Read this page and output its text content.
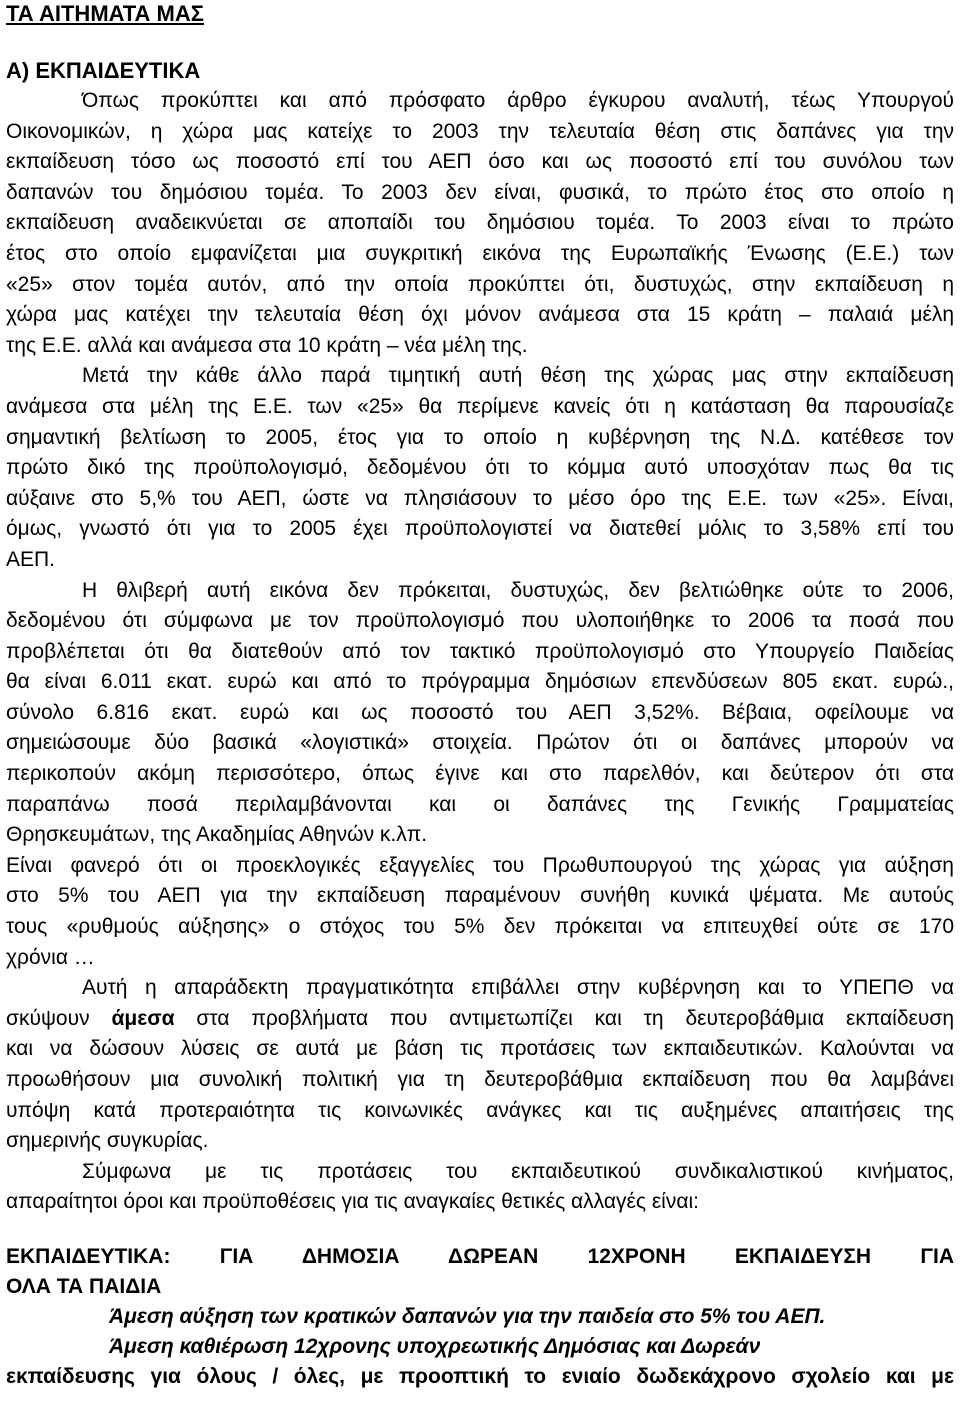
ΤΑ ΑΙΤΗΜΑΤΑ ΜΑΣ
Α) ΕΚΠΑΙΔΕΥΤΙΚΑ
Όπως προκύπτει και από πρόσφατο άρθρο έγκυρου αναλυτή, τέως Υπουργού
Οικονομικών, η χώρα μας κατείχε το 2003 την τελευταία θέση στις δαπάνες για την
εκπαίδευση τόσο ως ποσοστό επί του ΑΕΠ όσο και ως ποσοστό επί του συνόλου των
δαπανών του δημόσιου τομέα. Το 2003 δεν είναι, φυσικά, το πρώτο έτος στο οποίο η
εκπαίδευση αναδεικνύεται σε αποπαίδι του δημόσιου τομέα. Το 2003 είναι το πρώτο
έτος στο οποίο εμφανίζεται μια συγκριτική εικόνα της Ευρωπαϊκής Ένωσης (Ε.Ε.) των
«25» στον τομέα αυτόν, από την οποία προκύπτει ότι, δυστυχώς, στην εκπαίδευση η
χώρα μας κατέχει την τελευταία θέση όχι μόνον ανάμεσα στα 15 κράτη – παλαιά μέλη
της Ε.Ε. αλλά και ανάμεσα στα 10 κράτη – νέα μέλη της.
Μετά την κάθε άλλο παρά τιμητική αυτή θέση της χώρας μας στην εκπαίδευση
ανάμεσα στα μέλη της Ε.Ε. των «25» θα περίμενε κανείς ότι η κατάσταση θα παρουσίαζε
σημαντική βελτίωση το 2005, έτος για το οποίο η κυβέρνηση της Ν.Δ. κατέθεσε τον
πρώτο δικό της προϋπολογισμό, δεδομένου ότι το κόμμα αυτό υποσχόταν πως θα τις
αύξαινε στο 5,% του ΑΕΠ, ώστε να πλησιάσουν το μέσο όρο της Ε.Ε. των «25». Είναι,
όμως, γνωστό ότι για το 2005 έχει προϋπολογιστεί να διατεθεί μόλις το 3,58% επί του
ΑΕΠ.
Η θλιβερή αυτή εικόνα δεν πρόκειται, δυστυχώς, δεν βελτιώθηκε ούτε το 2006,
δεδομένου ότι σύμφωνα με τον προϋπολογισμό που υλοποιήθηκε το 2006 τα ποσά που
προβλέπεται ότι θα διατεθούν από τον τακτικό προϋπολογισμό στο Υπουργείο Παιδείας
θα είναι 6.011 εκατ. ευρώ και από το πρόγραμμα δημόσιων επενδύσεων 805 εκατ. ευρώ.,
σύνολο 6.816 εκατ. ευρώ και ως ποσοστό του ΑΕΠ 3,52%. Βέβαια, οφείλουμε να
σημειώσουμε δύο βασικά «λογιστικά» στοιχεία. Πρώτον ότι οι δαπάνες μπορούν να
περικοπούν ακόμη περισσότερο, όπως έγινε και στο παρελθόν, και δεύτερον ότι στα
παραπάνω ποσά περιλαμβάνονται και οι δαπάνες της Γενικής Γραμματείας
Θρησκευμάτων, της Ακαδημίας Αθηνών κ.λπ.
Είναι φανερό ότι οι προεκλογικές εξαγγελίες του Πρωθυπουργού της χώρας για αύξηση
στο 5% του ΑΕΠ για την εκπαίδευση παραμένουν συνήθη κυνικά ψέματα. Με αυτούς
τους «ρυθμούς αύξησης» ο στόχος του 5% δεν πρόκειται να επιτευχθεί ούτε σε 170
χρόνια …
Αυτή η απαράδεκτη πραγματικότητα επιβάλλει στην κυβέρνηση και το ΥΠΕΠΘ να
σκύψουν άμεσα στα προβλήματα που αντιμετωπίζει και τη δευτεροβάθμια εκπαίδευση
και να δώσουν λύσεις σε αυτά με βάση τις προτάσεις των εκπαιδευτικών. Καλούνται να
προωθήσουν μια συνολική πολιτική για τη δευτεροβάθμια εκπαίδευση που θα λαμβάνει
υπόψη κατά προτεραιότητα τις κοινωνικές ανάγκες και τις αυξημένες απαιτήσεις της
σημερινής συγκυρίας.
Σύμφωνα με τις προτάσεις του εκπαιδευτικού συνδικαλιστικού κινήματος,
απαραίτητοι όροι και προϋποθέσεις για τις αναγκαίες θετικές αλλαγές είναι:
ΕΚΠΑΙΔΕΥΤΙΚΑ: ΓΙΑ ΔΗΜΟΣΙΑ ΔΩΡΕΑΝ 12ΧΡΟΝΗ ΕΚΠΑΙΔΕΥΣΗ ΓΙΑ
ΟΛΑ ΤΑ ΠΑΙΔΙΑ
Άμεση αύξηση των κρατικών δαπανών για την παιδεία στο 5% του ΑΕΠ.
Άμεση καθιέρωση 12χρονης υποχρεωτικής Δημόσιας και Δωρεάν
εκπαίδευσης για όλους / όλες, με προοπτική το ενιαίο δωδεκάχρονο σχολείο και με
